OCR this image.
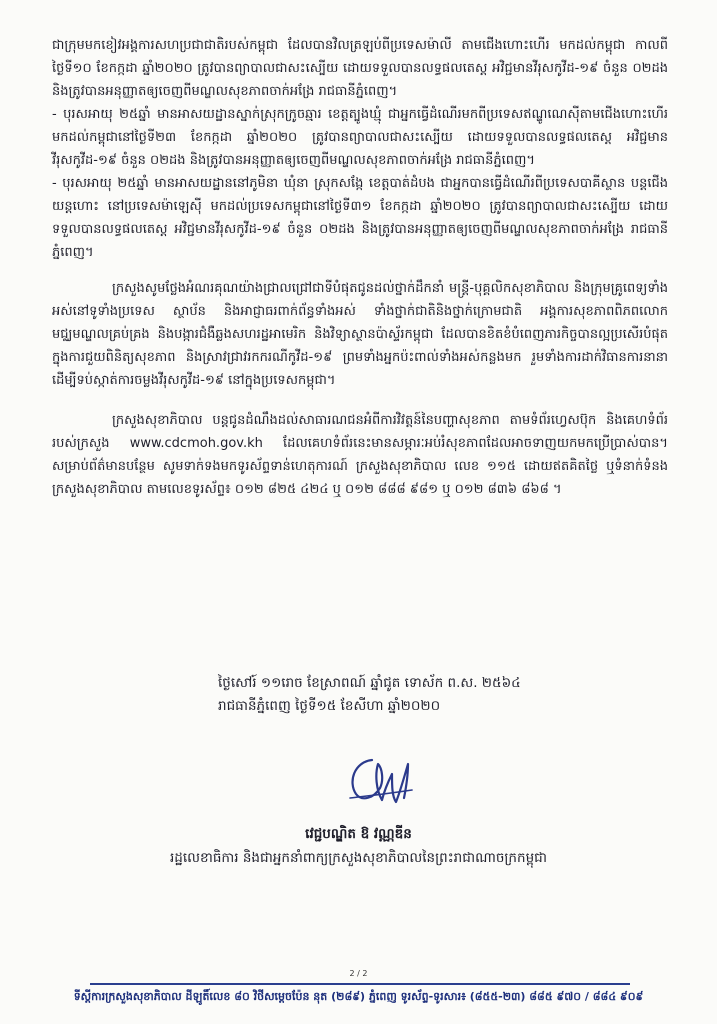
ជាក្រុមមកខៀវអង្គការសហប្រជាជាតិរបស់កម្ពុជា ដែលបានវិលត្រឡប់ពីប្រទេសម៉ាលី តាមជើងហោះហើរ មកដល់កម្ពុជា កាលពីថ្ងៃទី១០ ខែកក្កដា ឆ្នាំ២០២០ ត្រូវបានព្យាបាលជាសះស្បើយ ដោយទទួលបានលទ្ធផលតេស្ត អវិជ្ជមានវីរុសកូវីដ-១៩ ចំនួន ០២ដង និងត្រូវបានអនុញ្ញាតឲ្យចេញពីមណ្ឌលសុខភាពចាក់អង្រែ រាជធានីភ្នំពេញ។

- បុរសអាយុ ២៥ឆ្នាំ មានអាសយដ្ឋានស្នាក់ស្រុកក្រូចឆ្មារ ខេត្តត្បូងឃ្មុំ ជាអ្នកធ្វើដំណើរមកពីប្រទេសឥណ្ឌូណេស៊ីតាមជើងហោះហើរ មកដល់កម្ពុជានៅថ្ងៃទី២៣ ខែកក្កដា ឆ្នាំ២០២០ ត្រូវបានព្យាបាលជាសះស្បើយ ដោយទទួលបានលទ្ធផលតេស្ត អវិជ្ជមានវីរុសកូវីដ-១៩ ចំនួន ០២ដង និងត្រូវបានអនុញ្ញាតឲ្យចេញពីមណ្ឌលសុខភាពចាក់អង្រែ រាជធានីភ្នំពេញ។

- បុរសអាយុ ២៥ឆ្នាំ មានអាសយដ្ឋាននៅភូមិនា ឃុំនា ស្រុកសង្កែ ខេត្តបាត់ដំបង ជាអ្នកបានធ្វើដំណើរពីប្រទេសបាគីស្ថាន បន្តជើងយន្តហោះ នៅប្រទេសម៉ាឡេស៊ី មកដល់ប្រទេសកម្ពុជានៅថ្ងៃទី៣១ ខែកក្កដា ឆ្នាំ២០២០ ត្រូវបានព្យាបាលជាសះស្បើយ ដោយទទួលបានលទ្ធផលតេស្ត អវិជ្ជមានវីរុសកូវីដ-១៩ ចំនួន ០២ដង និងត្រូវបានអនុញ្ញាតឲ្យចេញពីមណ្ឌលសុខភាពចាក់អង្រែ រាជធានីភ្នំពេញ។

ក្រសួងសូមថ្លែងអំណរគុណយ៉ាងជ្រាលជ្រៅជាទីបំផុតជូនដល់ថ្នាក់ដឹកនាំ មន្ត្រី-បុគ្គលិកសុខាភិបាល និងក្រុមគ្រូពេទ្យទាំងអស់នៅទូទាំងប្រទេស ស្ថាប័ន និងអាជ្ញាធរពាក់ព័ន្ធទាំងអស់ ទាំងថ្នាក់ជាតិនិងថ្នាក់ក្រោមជាតិ អង្គការសុខភាពពិភពលោក មជ្ឈមណ្ឌលគ្រប់គ្រង និងបង្ការជំងឺឆ្លងសហរដ្ឋអាមេរិក និងវិទ្យាស្ថានប៉ាស្ទ័រកម្ពុជា ដែលបានខិតខំបំពេញភារកិច្ចបានល្អប្រសើរបំផុត ក្នុងការជួយពិនិត្យសុខភាព និងស្រាវជ្រាវរកករណីកូវីដ-១៩ ព្រមទាំងអ្នកប៉ះពាល់ទាំងអស់កន្លងមក រួមទាំងការដាក់វិធានការនានា ដើម្បីទប់ស្កាត់ការចម្លងវីរុសកូវីដ-១៩ នៅក្នុងប្រទេសកម្ពុជា។

ក្រសួងសុខាភិបាល បន្តជូនដំណឹងដល់សាធារណជនអំពីការវិវត្តន៍នៃបញ្ហាសុខភាព តាមទំព័រហ្វេសប៊ុក និងគេហទំព័ររបស់ក្រសួង www.cdcmoh.gov.kh ដែលគេហទំព័រនេះមានសម្ភារៈអប់រំសុខភាពដែលអាចទាញយកមកប្រើប្រាស់បាន។ សម្រាប់ព័ត៌មានបន្ថែម សូមទាក់ទងមកទូរស័ព្ទទាន់ហេតុការណ៍ ក្រសួងសុខាភិបាល លេខ ១១៥ ដោយឥតគិតថ្លៃ ឬទំនាក់ទំនងក្រសួងសុខាភិបាល តាមលេខទូរស័ព្ទ៖ ០១២ ៨២៥ ៤២៤ ឬ ០១២ ៨៨៨ ៩៨១ ឬ ០១២ ៨៣៦ ៨៦៨ ។

ថ្ងៃសៅរ៍ ១១រោច ខែស្រាពណ៍ ឆ្នាំជូត ទោស័ក ព.ស. ២៥៦៤

រាជធានីភ្នំពេញ ថ្ងៃទី១៥ ខែសីហា ឆ្នាំ២០២០

វេជ្ជបណ្ឌិត ឱ វណ្ណឌីន

រដ្ឋលេខាធិការ និងជាអ្នកនាំពាក្យក្រសួងសុខាភិបាលនៃព្រះរាជាណាចក្រកម្ពុជា

2 / 2
ទីស្តីការក្រសួងសុខាភិបាល ដីឡូតិ៍លេខ ៨០ វិថីសម្តេចប៉ែន នុត (២៨៩) ភ្នំពេញ ទូរស័ព្ទ-ទូរសារ៖ (៨៥៥-២៣) ៨៨៥ ៩៧០ / ៨៨៤ ៩០៩
